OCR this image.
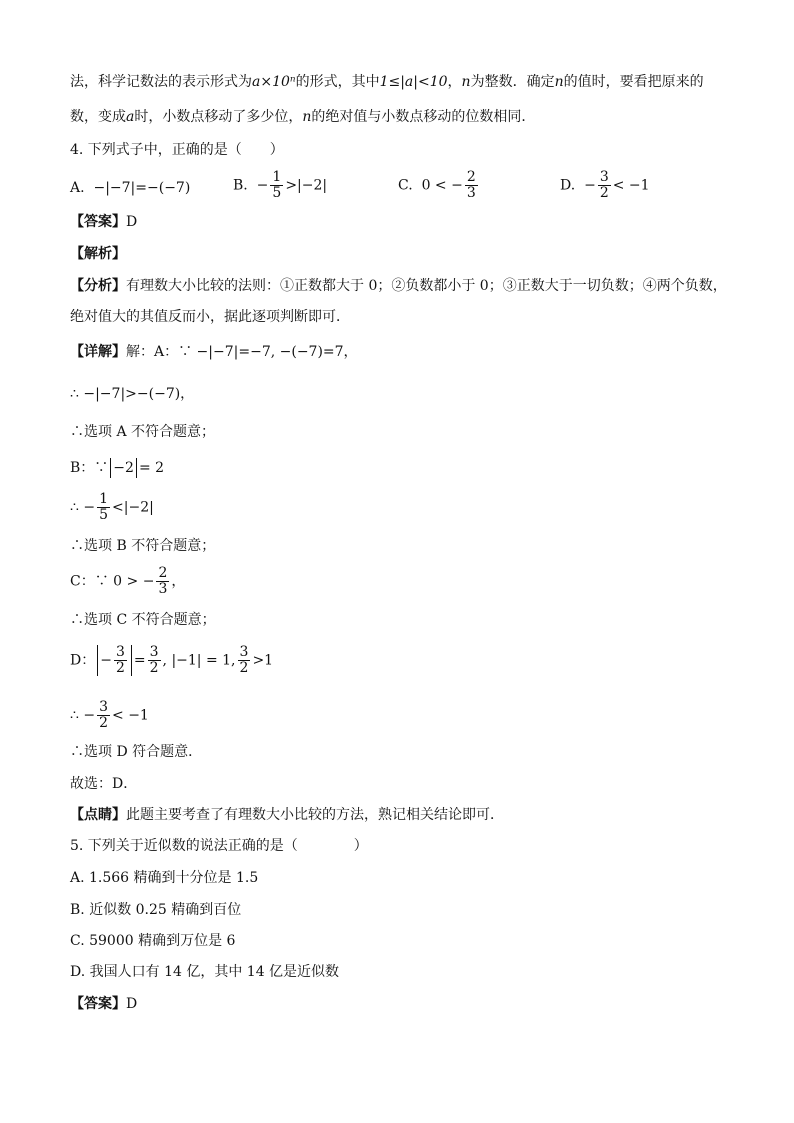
法，科学记数法的表示形式为a×10ⁿ的形式，其中1≤|a|<10，n为整数．确定n的值时，要看把原来的
数，变成a时，小数点移动了多少位，n的绝对值与小数点移动的位数相同．
4. 下列式子中，正确的是（　　）
A. −|−7|=−(−7)	B. − $\frac{1}{5} >|-2|$	C. 0 < − $\frac{2}{3}$	D. − $\frac{3}{2} < -1$
【答案】D
【解析】
【分析】有理数大小比较的法则：①正数都大于 0；②负数都小于 0；③正数大于一切负数；④两个负数，
绝对值大的其值反而小，据此逐项判断即可．
【详解】解：A：∵ −|−7|=−7, −(−7)=7，
∴ −|−7|>−(−7)，
∴选项 A 不符合题意；
B：∵ −2 = 2
∴ − $\frac{1}{5} <|-2|$
∴选项 B 不符合题意；
C：∵ 0 > − $\frac{2}{3}$ ，
∴选项 C 不符合题意；
D： − $\frac{3}{2} = \frac{3}{2}$ , |−1| = 1, $\frac{3}{2} >1$
∴ − $\frac{3}{2} < -1$
∴选项 D 符合题意．
故选：D．
【点睛】此题主要考查了有理数大小比较的方法，熟记相关结论即可．
5. 下列关于近似数的说法正确的是（　　　　）
A. 1.566 精确到十分位是 1.5
B. 近似数 0.25 精确到百位
C. 59000 精确到万位是 6
D. 我国人口有 14 亿，其中 14 亿是近似数
【答案】D
